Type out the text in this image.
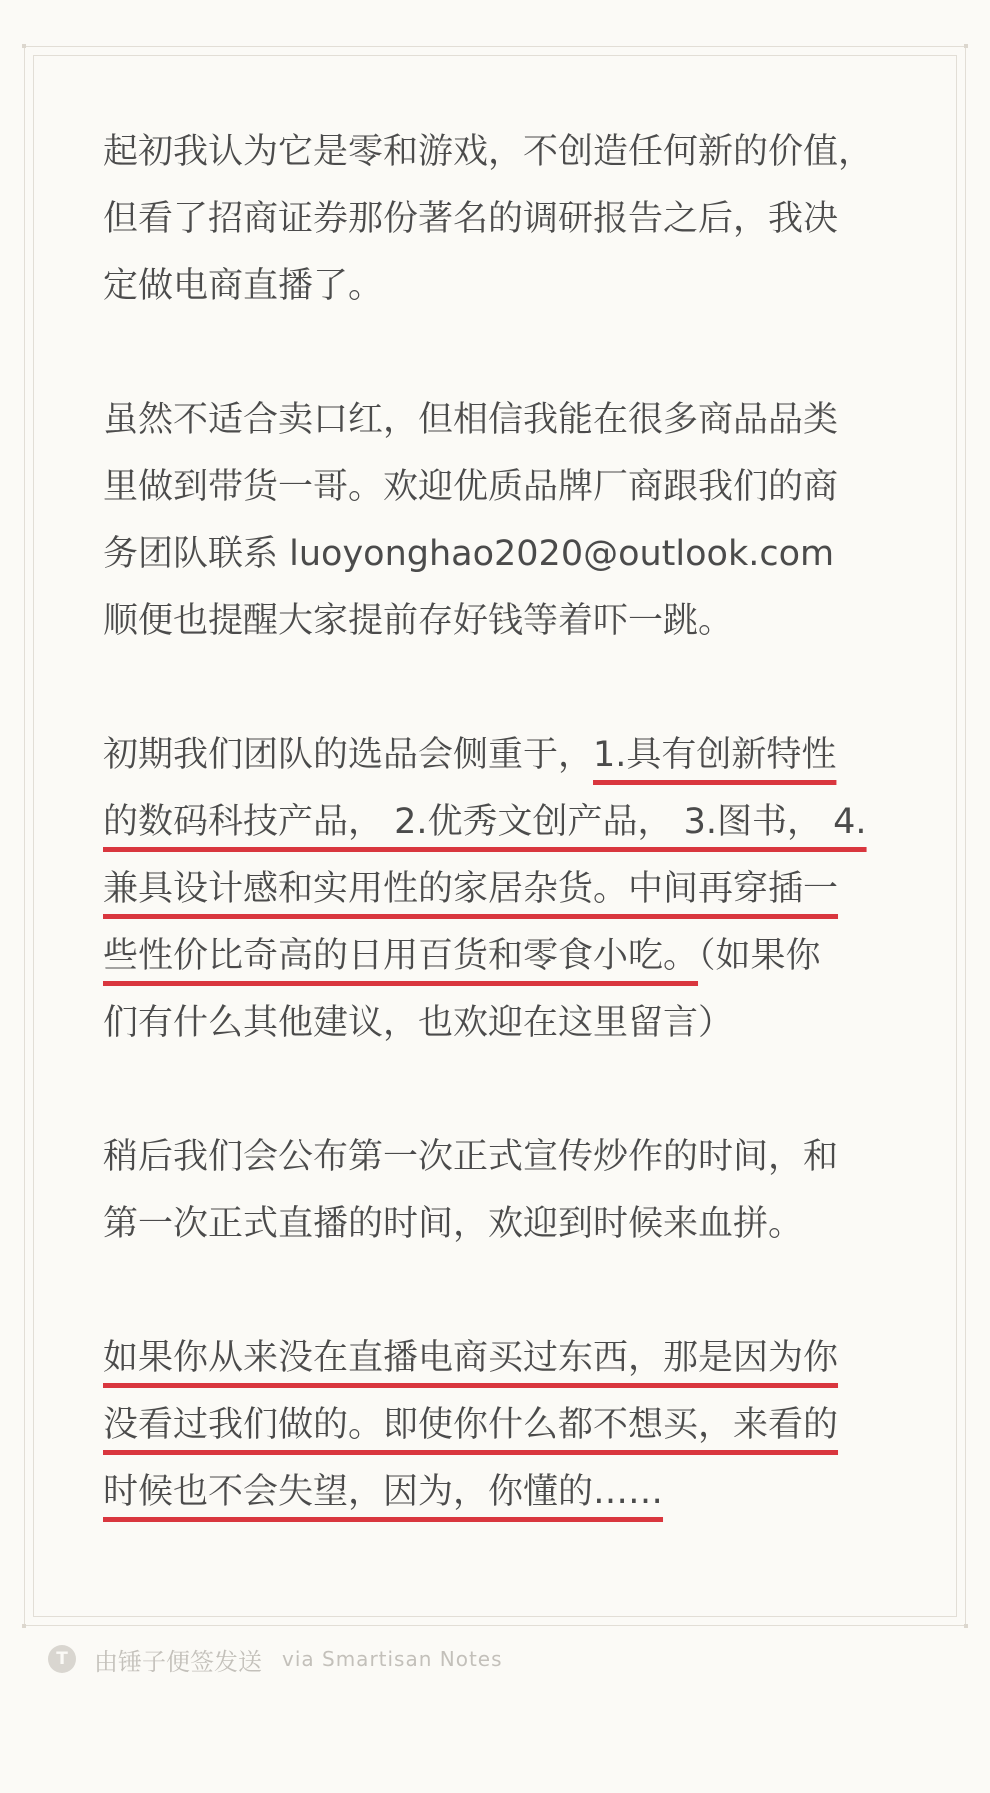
起初我认为它是零和游戏，不创造任何新的价值，
但看了招商证券那份著名的调研报告之后，我决
定做电商直播了。
虽然不适合卖口红，但相信我能在很多商品品类
里做到带货一哥。欢迎优质品牌厂商跟我们的商
务团队联系 luoyonghao2020@outlook.com
顺便也提醒大家提前存好钱等着吓一跳。
初期我们团队的选品会侧重于，1.具有创新特性
的数码科技产品， 2.优秀文创产品， 3.图书， 4.
兼具设计感和实用性的家居杂货。中间再穿插一
些性价比奇高的日用百货和零食小吃。（如果你
们有什么其他建议，也欢迎在这里留言）
稍后我们会公布第一次正式宣传炒作的时间，和
第一次正式直播的时间，欢迎到时候来血拼。
如果你从来没在直播电商买过东西，那是因为你
没看过我们做的。即使你什么都不想买，来看的
时候也不会失望，因为，你懂的……
T	由锤子便签发送 via Smartisan Notes
